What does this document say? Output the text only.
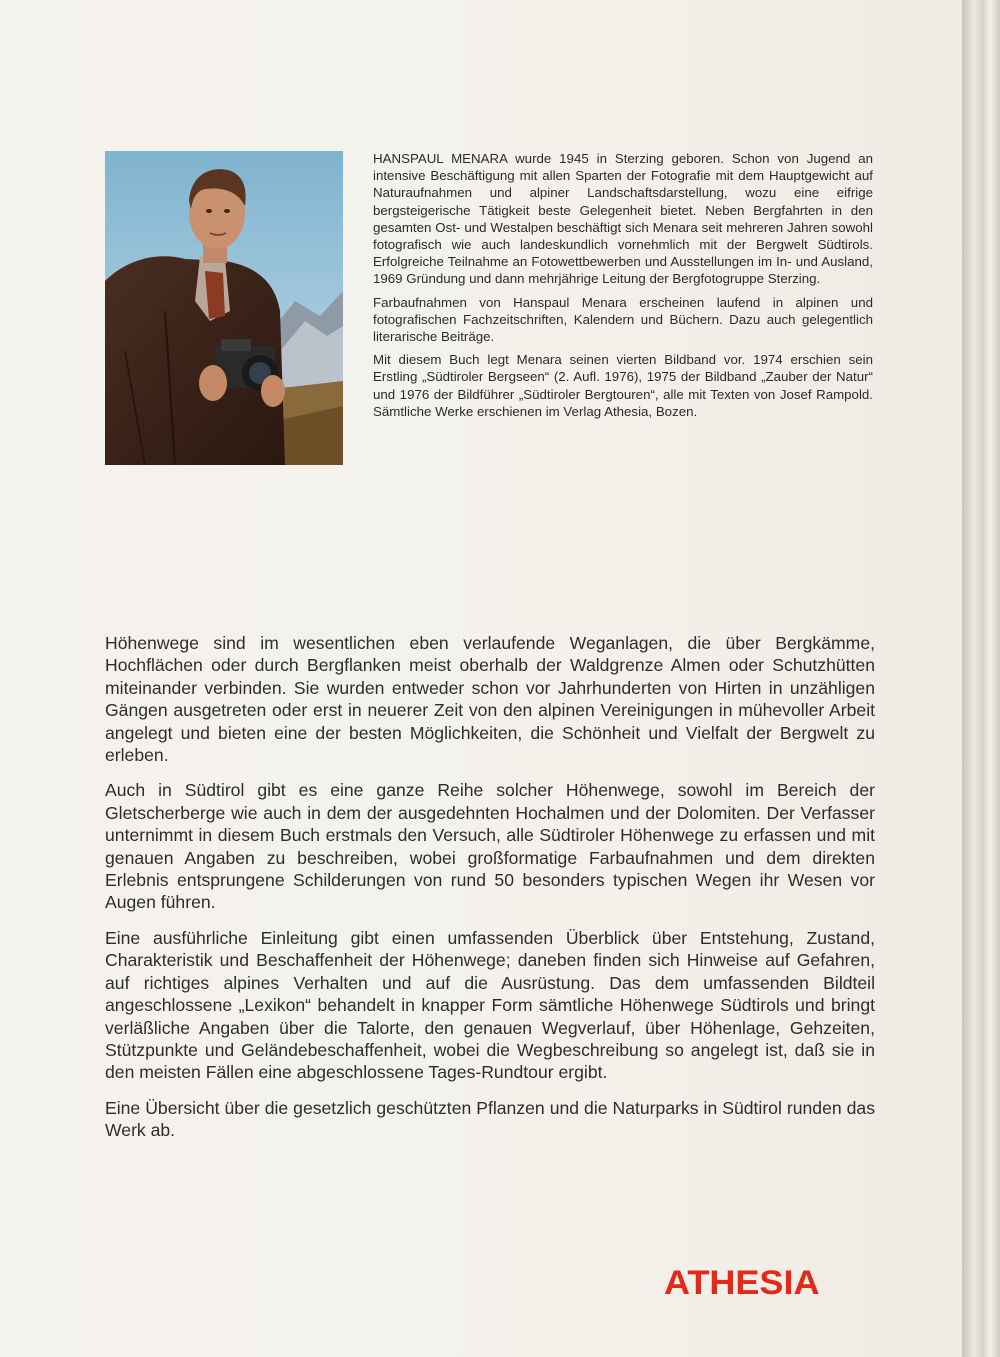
HANSPAUL MENARA wurde 1945 in Sterzing geboren. Schon von Jugend an intensive Beschäftigung mit allen Sparten der Fotografie mit dem Hauptgewicht auf Naturaufnahmen und alpiner Landschaftsdarstellung, wozu eine eifrige bergsteigerische Tätigkeit beste Gelegenheit bietet. Neben Bergfahrten in den gesamten Ost- und Westalpen beschäftigt sich Menara seit mehreren Jahren sowohl fotografisch wie auch landeskundlich vornehmlich mit der Bergwelt Südtirols. Erfolgreiche Teilnahme an Fotowettbewerben und Ausstellungen im In- und Ausland, 1969 Gründung und dann mehrjährige Leitung der Bergfotogruppe Sterzing.

Farbaufnahmen von Hanspaul Menara erscheinen laufend in alpinen und fotografischen Fachzeitschriften, Kalendern und Büchern. Dazu auch gelegentlich literarische Beiträge.

Mit diesem Buch legt Menara seinen vierten Bildband vor. 1974 erschien sein Erstling „Südtiroler Bergseen“ (2. Aufl. 1976), 1975 der Bildband „Zauber der Natur“ und 1976 der Bildführer „Südtiroler Bergtouren“, alle mit Texten von Josef Rampold. Sämtliche Werke erschienen im Verlag Athesia, Bozen.

Höhenwege sind im wesentlichen eben verlaufende Weganlagen, die über Bergkämme, Hochflächen oder durch Bergflanken meist oberhalb der Waldgrenze Almen oder Schutzhütten miteinander verbinden. Sie wurden entweder schon vor Jahrhunderten von Hirten in unzähligen Gängen ausgetreten oder erst in neuerer Zeit von den alpinen Vereinigungen in mühevoller Arbeit angelegt und bieten eine der besten Möglichkeiten, die Schönheit und Vielfalt der Bergwelt zu erleben.

Auch in Südtirol gibt es eine ganze Reihe solcher Höhenwege, sowohl im Bereich der Gletscherberge wie auch in dem der ausgedehnten Hochalmen und der Dolomiten. Der Verfasser unternimmt in diesem Buch erstmals den Versuch, alle Südtiroler Höhenwege zu erfassen und mit genauen Angaben zu beschreiben, wobei großformatige Farbaufnahmen und dem direkten Erlebnis entsprungene Schilderungen von rund 50 besonders typischen Wegen ihr Wesen vor Augen führen.

Eine ausführliche Einleitung gibt einen umfassenden Überblick über Entstehung, Zustand, Charakteristik und Beschaffenheit der Höhenwege; daneben finden sich Hinweise auf Gefahren, auf richtiges alpines Verhalten und auf die Ausrüstung. Das dem umfassenden Bildteil angeschlossene „Lexikon“ behandelt in knapper Form sämtliche Höhenwege Südtirols und bringt verläßliche Angaben über die Talorte, den genauen Wegverlauf, über Höhenlage, Gehzeiten, Stützpunkte und Geländebeschaffenheit, wobei die Wegbeschreibung so angelegt ist, daß sie in den meisten Fällen eine abgeschlossene Tages-Rundtour ergibt.

Eine Übersicht über die gesetzlich geschützten Pflanzen und die Naturparks in Südtirol runden das Werk ab.

ATHESIA
